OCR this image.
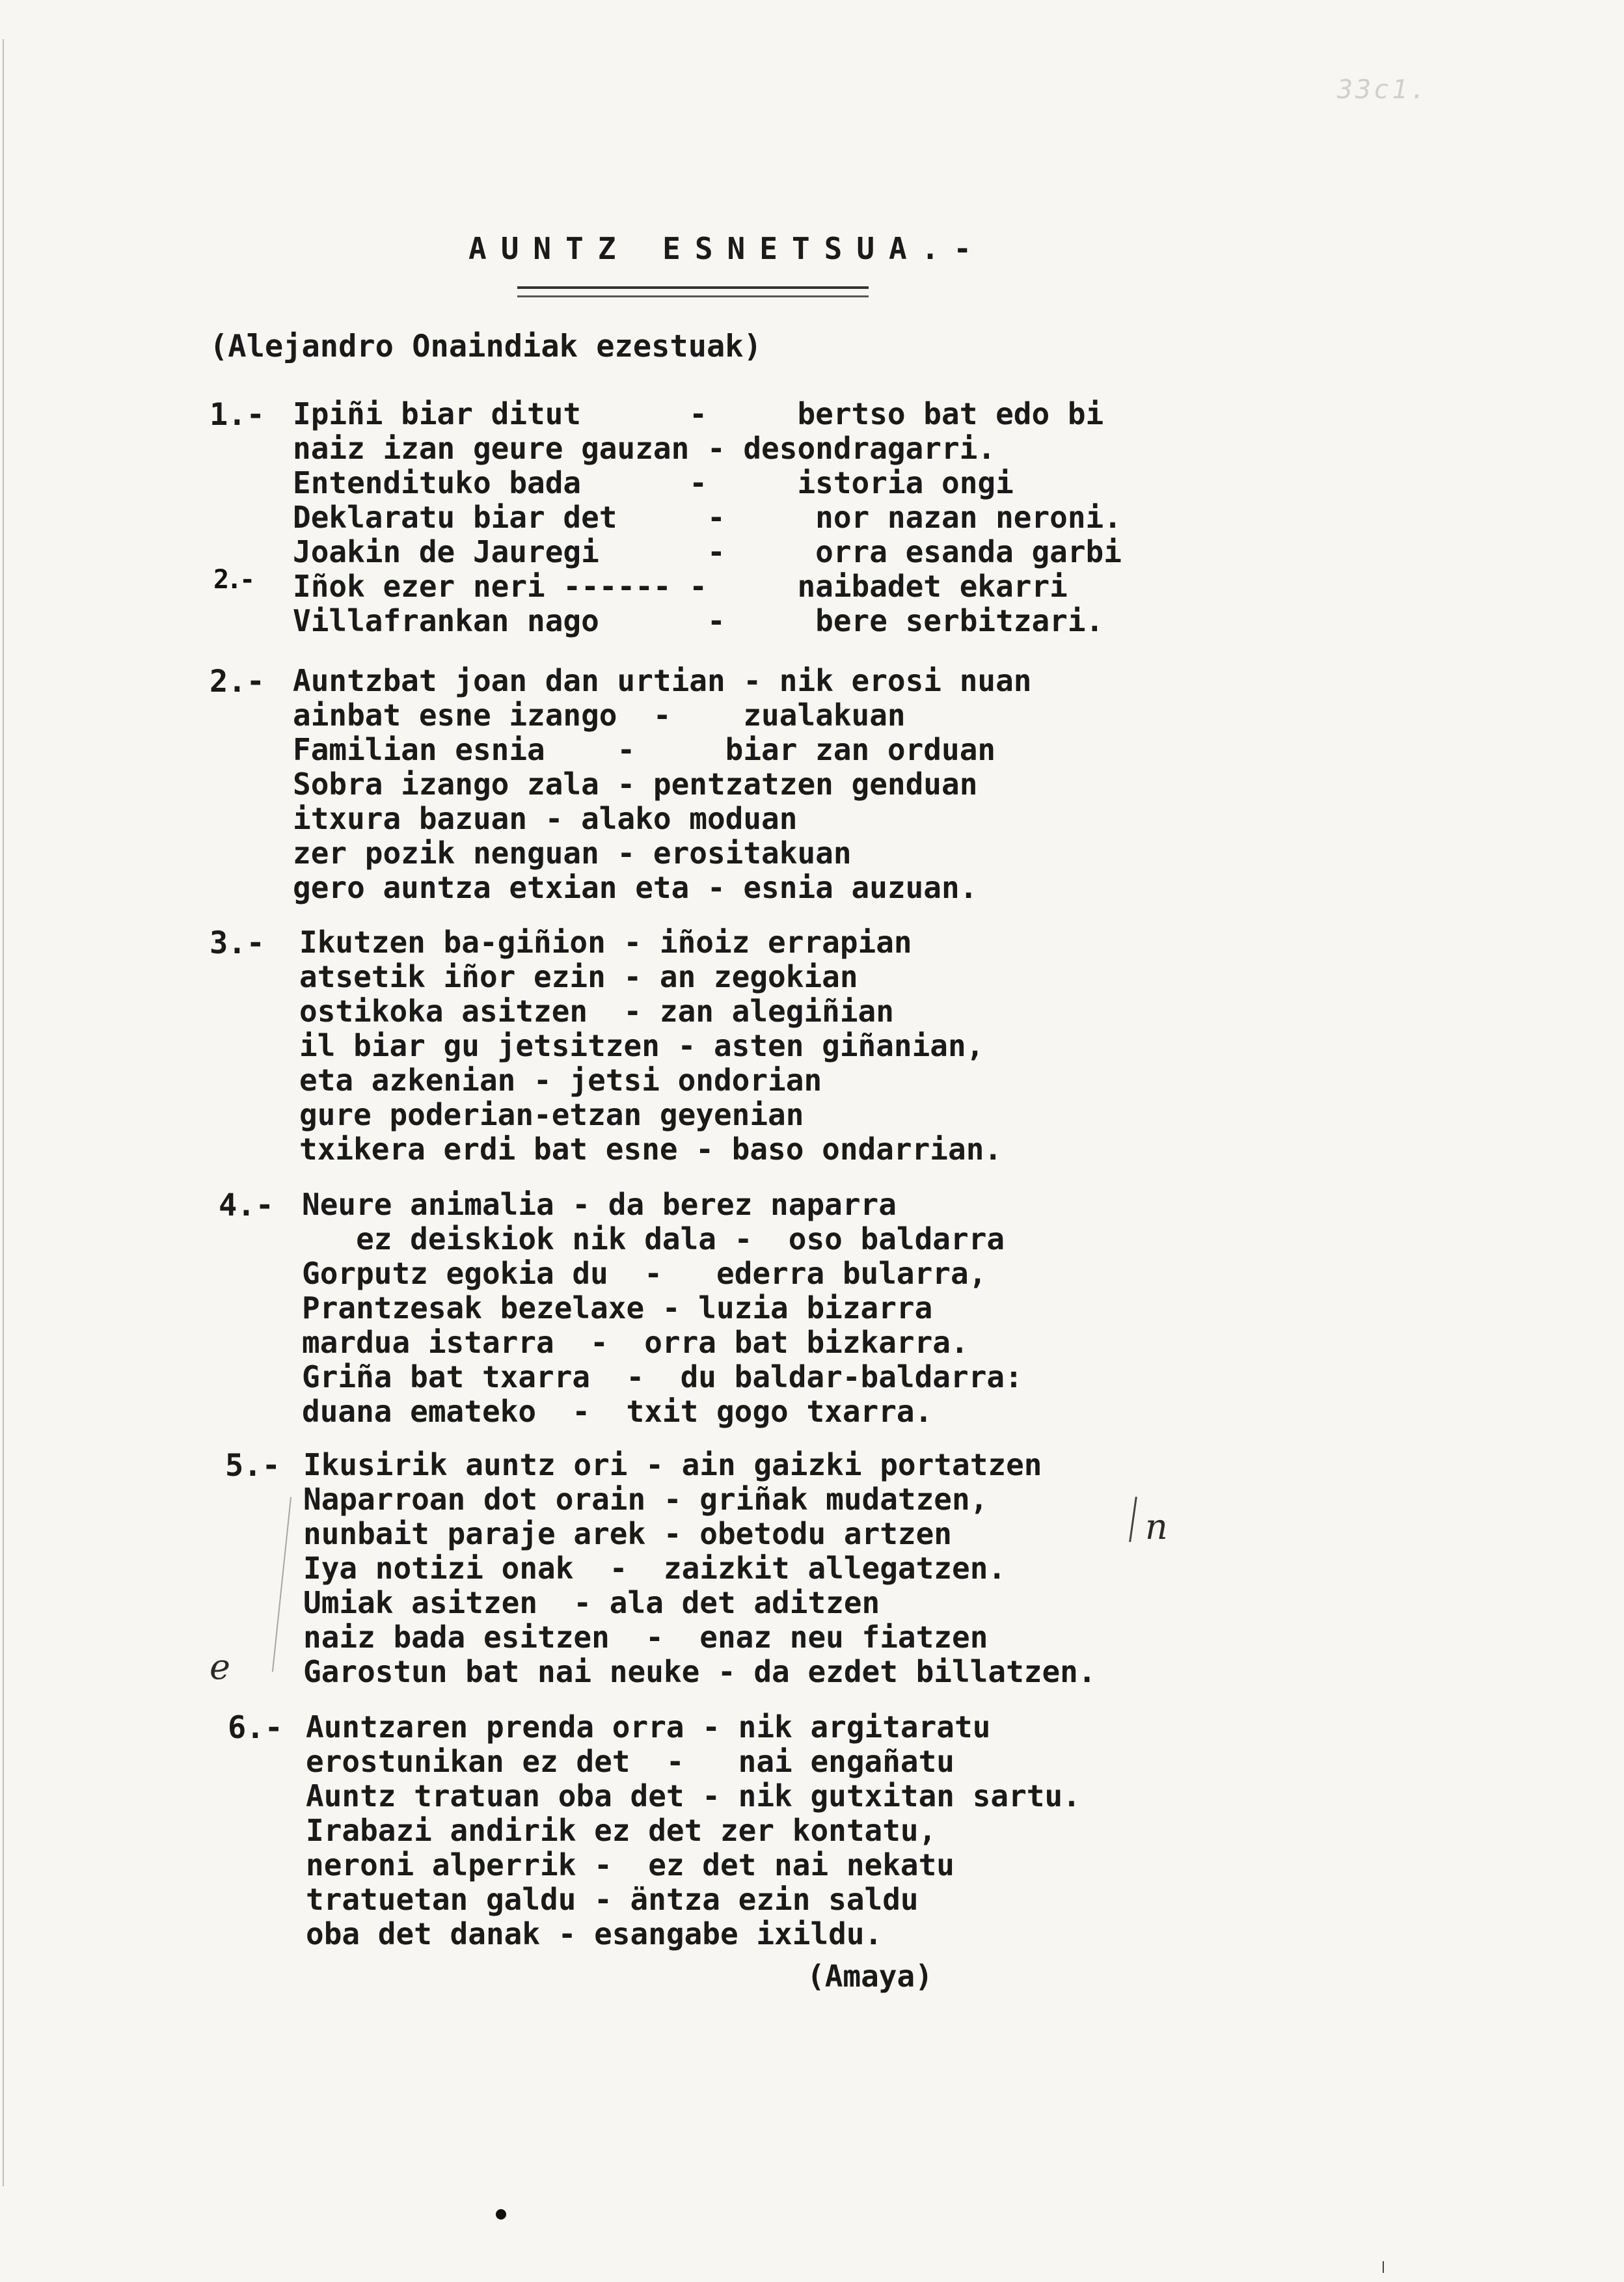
33c1.
AUNTZ ESNETSUA.-
(Alejandro Onaindiak ezestuak)
1.- Ipiñi biar ditut      -     bertso bat edo bi
naiz izan geure gauzan - desondragarri.
Entendituko bada      -     istoria ongi
Deklaratu biar det     -     nor nazan neroni.
Joakin de Jauregi      -     orra esanda garbi
Iñok ezer neri ------ -     naibadet ekarri
Villafrankan nago      -     bere serbitzari.
2.-
2.- Auntzbat joan dan urtian - nik erosi nuan
ainbat esne izango  -    zualakuan
Familian esnia    -     biar zan orduan
Sobra izango zala - pentzatzen genduan
itxura bazuan - alako moduan
zer pozik nenguan - erositakuan
gero auntza etxian eta - esnia auzuan.
3.- Ikutzen ba-giñion - iñoiz errapian
atsetik iñor ezin - an zegokian
ostikoka asitzen  - zan alegiñian
il biar gu jetsitzen - asten giñanian,
eta azkenian - jetsi ondorian
gure poderian-etzan geyenian
txikera erdi bat esne - baso ondarrian.
4.- Neure animalia - da berez naparra
ez deiskiok nik dala -  oso baldarra
Gorputz egokia du  -   ederra bularra,
Prantzesak bezelaxe - luzia bizarra
mardua istarra  -  orra bat bizkarra.
Griña bat txarra  -  du baldar-baldarra:
duana emateko  -  txit gogo txarra.
5.- Ikusirik auntz ori - ain gaizki portatzen
Naparroan dot orain - griñak mudatzen,
nunbait paraje arek - obetodu artzen
Iya notizi onak  -  zaizkit allegatzen.
Umiak asitzen  - ala det aditzen
naiz bada esitzen  -  enaz neu fiatzen
Garostun bat nai neuke - da ezdet billatzen.
n
e
6.- Auntzaren prenda orra - nik argitaratu
erostunikan ez det  -   nai engañatu
Auntz tratuan oba det - nik gutxitan sartu.
Irabazi andirik ez det zer kontatu,
neroni alperrik -  ez det nai nekatu
tratuetan galdu - äntza ezin saldu
oba det danak - esangabe ixildu.
(Amaya)
